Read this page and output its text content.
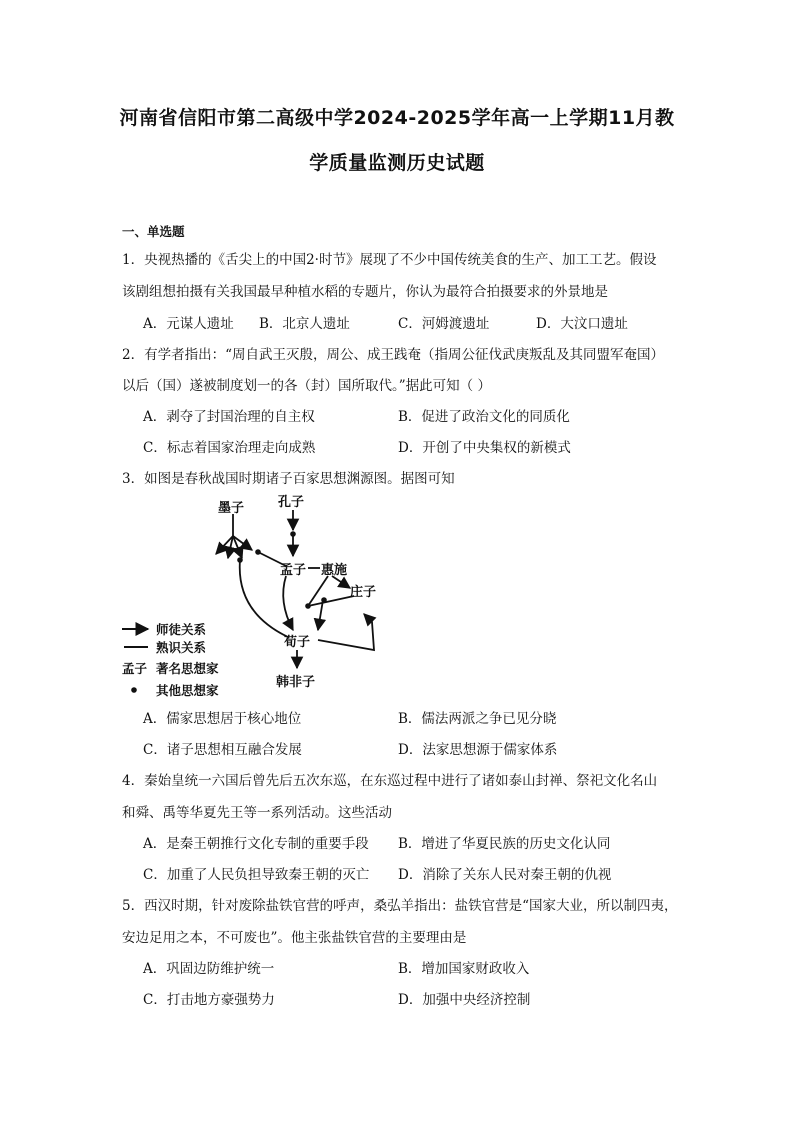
河南省信阳市第二高级中学2024-2025学年高一上学期11月教
学质量监测历史试题
一、单选题
1．央视热播的《舌尖上的中国2·时节》展现了不少中国传统美食的生产、加工工艺。假设
该剧组想拍摄有关我国最早种植水稻的专题片，你认为最符合拍摄要求的外景地是
A．元谋人遗址 B．北京人遗址	C．河姆渡遗址	D．大汶口遗址
2．有学者指出：“周自武王灭殷，周公、成王践奄（指周公征伐武庚叛乱及其同盟军奄国）
以后（国）遂被制度划一的各（封）国所取代。”据此可知（ ）
A．剥夺了封国治理的自主权	B．促进了政治文化的同质化
C．标志着国家治理走向成熟	D．开创了中央集权的新模式
3．如图是春秋战国时期诸子百家思想渊源图。据图可知
墨子	孔子
孟子 惠施
庄子
荀子
韩非子
师徒关系
熟识关系
孟子 著名思想家
其他思想家
A．儒家思想居于核心地位	B．儒法两派之争已见分晓
C．诸子思想相互融合发展	D．法家思想源于儒家体系
4．秦始皇统一六国后曾先后五次东巡，在东巡过程中进行了诸如泰山封禅、祭祀文化名山
和舜、禹等华夏先王等一系列活动。这些活动
A．是秦王朝推行文化专制的重要手段 B．增进了华夏民族的历史文化认同
C．加重了人民负担导致秦王朝的灭亡 D．消除了关东人民对秦王朝的仇视
5．西汉时期，针对废除盐铁官营的呼声，桑弘羊指出：盐铁官营是“国家大业，所以制四夷，
安边足用之本，不可废也”。他主张盐铁官营的主要理由是
A．巩固边防维护统一	B．增加国家财政收入
C．打击地方豪强势力	D．加强中央经济控制
